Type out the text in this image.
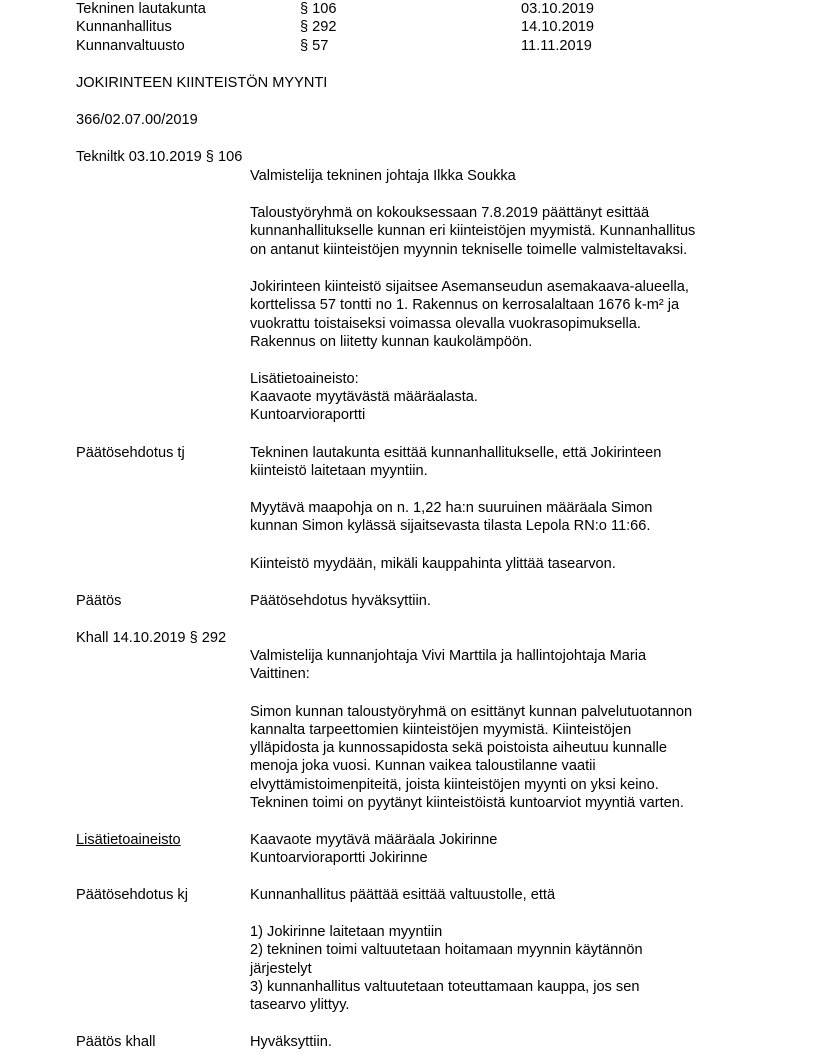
Tekninen lautakunta	§ 106	03.10.2019
Kunnanhallitus	§ 292	14.10.2019
Kunnanvaltuusto	§ 57	11.11.2019
JOKIRINTEEN KIINTEISTÖN MYYNTI
366/02.07.00/2019
Tekniltk 03.10.2019 § 106
Valmistelija tekninen johtaja Ilkka Soukka
Taloustyöryhmä on kokouksessaan 7.8.2019 päättänyt esittää
kunnanhallitukselle kunnan eri kiinteistöjen myymistä. Kunnanhallitus
on antanut kiinteistöjen myynnin tekniselle toimelle valmisteltavaksi.
Jokirinteen kiinteistö sijaitsee Asemanseudun asemakaava-alueella,
korttelissa 57 tontti no 1. Rakennus on kerrosalaltaan 1676 k-m² ja
vuokrattu toistaiseksi voimassa olevalla vuokrasopimuksella.
Rakennus on liitetty kunnan kaukolämpöön.
Lisätietoaineisto:
Kaavaote myytävästä määräalasta.
Kuntoarvioraportti
Päätösehdotus tj	Tekninen lautakunta esittää kunnanhallitukselle, että Jokirinteen
kiinteistö laitetaan myyntiin.
Myytävä maapohja on n. 1,22 ha:n suuruinen määräala Simon
kunnan Simon kylässä sijaitsevasta tilasta Lepola RN:o 11:66.
Kiinteistö myydään, mikäli kauppahinta ylittää tasearvon.
Päätös	Päätösehdotus hyväksyttiin.
Khall 14.10.2019 § 292
Valmistelija kunnanjohtaja Vivi Marttila ja hallintojohtaja Maria
Vaittinen:
Simon kunnan taloustyöryhmä on esittänyt kunnan palvelutuotannon
kannalta tarpeettomien kiinteistöjen myymistä. Kiinteistöjen
ylläpidosta ja kunnossapidosta sekä poistoista aiheutuu kunnalle
menoja joka vuosi. Kunnan vaikea taloustilanne vaatii
elvyttämistoimenpiteitä, joista kiinteistöjen myynti on yksi keino.
Tekninen toimi on pyytänyt kiinteistöistä kuntoarviot myyntiä varten.
Lisätietoaineisto	Kaavaote myytävä määräala Jokirinne
Kuntoarvioraportti Jokirinne
Päätösehdotus kj	Kunnanhallitus päättää esittää valtuustolle, että
1) Jokirinne laitetaan myyntiin
2) tekninen toimi valtuutetaan hoitamaan myynnin käytännön
järjestelyt
3) kunnanhallitus valtuutetaan toteuttamaan kauppa, jos sen
tasearvo ylittyy.
Päätös khall	Hyväksyttiin.
